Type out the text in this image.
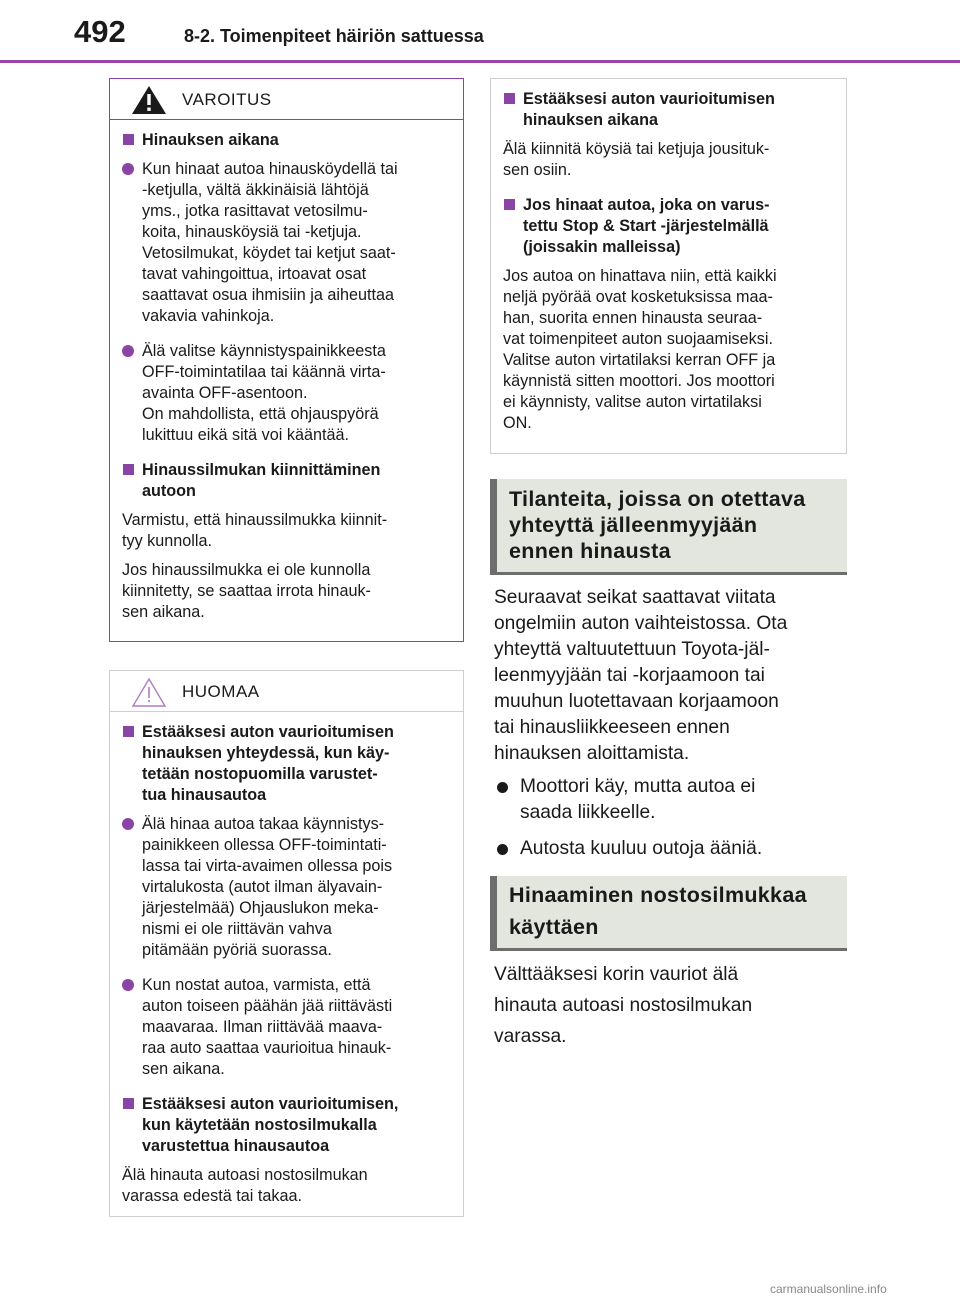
492	8-2. Toimenpiteet häiriön sattuessa
VAROITUS
Hinauksen aikana

Kun hinaat autoa hinausköydellä tai

-ketjulla, vältä äkkinäisiä lähtöjä

yms., jotka rasittavat vetosilmu-

koita, hinausköysiä tai -ketjuja.

Vetosilmukat, köydet tai ketjut saat-

tavat vahingoittua, irtoavat osat

saattavat osua ihmisiin ja aiheuttaa

vakavia vahinkoja.

Älä valitse käynnistyspainikkeesta

OFF-toimintatilaa tai käännä virta-

avainta OFF-asentoon.

On mahdollista, että ohjauspyörä

lukittuu eikä sitä voi kääntää.

Hinaussilmukan kiinnittäminen
autoon

Varmistu, että hinaussilmukka kiinnit-

tyy kunnolla.

Jos hinaussilmukka ei ole kunnolla

kiinnitetty, se saattaa irrota hinauk-

sen aikana.

HUOMAA
Estääksesi auton vaurioitumisen
hinauksen yhteydessä, kun käy-
tetään nostopuomilla varustet-
tua hinausautoa

Älä hinaa autoa takaa käynnistys-

painikkeen ollessa OFF-toimintati-

lassa tai virta-avaimen ollessa pois

virtalukosta (autot ilman älyavain-

järjestelmää) Ohjauslukon meka-

nismi ei ole riittävän vahva

pitämään pyöriä suorassa.

Kun nostat autoa, varmista, että

auton toiseen päähän jää riittävästi

maavaraa. Ilman riittävää maava-

raa auto saattaa vaurioitua hinauk-

sen aikana.

Estääksesi auton vaurioitumisen,
kun käytetään nostosilmukalla
varustettua hinausautoa

Älä hinauta autoasi nostosilmukan

varassa edestä tai takaa.

Estääksesi auton vaurioitumisen
hinauksen aikana

Älä kiinnitä köysiä tai ketjuja jousituk-

sen osiin.

Jos hinaat autoa, joka on varus-
tettu Stop & Start -järjestelmällä
(joissakin malleissa)

Jos autoa on hinattava niin, että kaikki

neljä pyörää ovat kosketuksissa maa-

han, suorita ennen hinausta seuraa-

vat toimenpiteet auton suojaamiseksi.

Valitse auton virtatilaksi kerran OFF ja

käynnistä sitten moottori. Jos moottori

ei käynnisty, valitse auton virtatilaksi

ON.

Tilanteita, joissa on otettava
yhteyttä jälleenmyyjään
ennen hinausta
Seuraavat seikat saattavat viitata
ongelmiin auton vaihteistossa. Ota
yhteyttä valtuutettuun Toyota-jäl-
leenmyyjään tai -korjaamoon tai
muuhun luotettavaan korjaamoon
tai hinausliikkeeseen ennen
hinauksen aloittamista.
Moottori käy, mutta autoa ei
saada liikkeelle.
Autosta kuuluu outoja ääniä.
Hinaaminen nostosilmukkaa
käyttäen
Välttääksesi korin vauriot älä
hinauta autoasi nostosilmukan
varassa.
carmanualsonline.info
